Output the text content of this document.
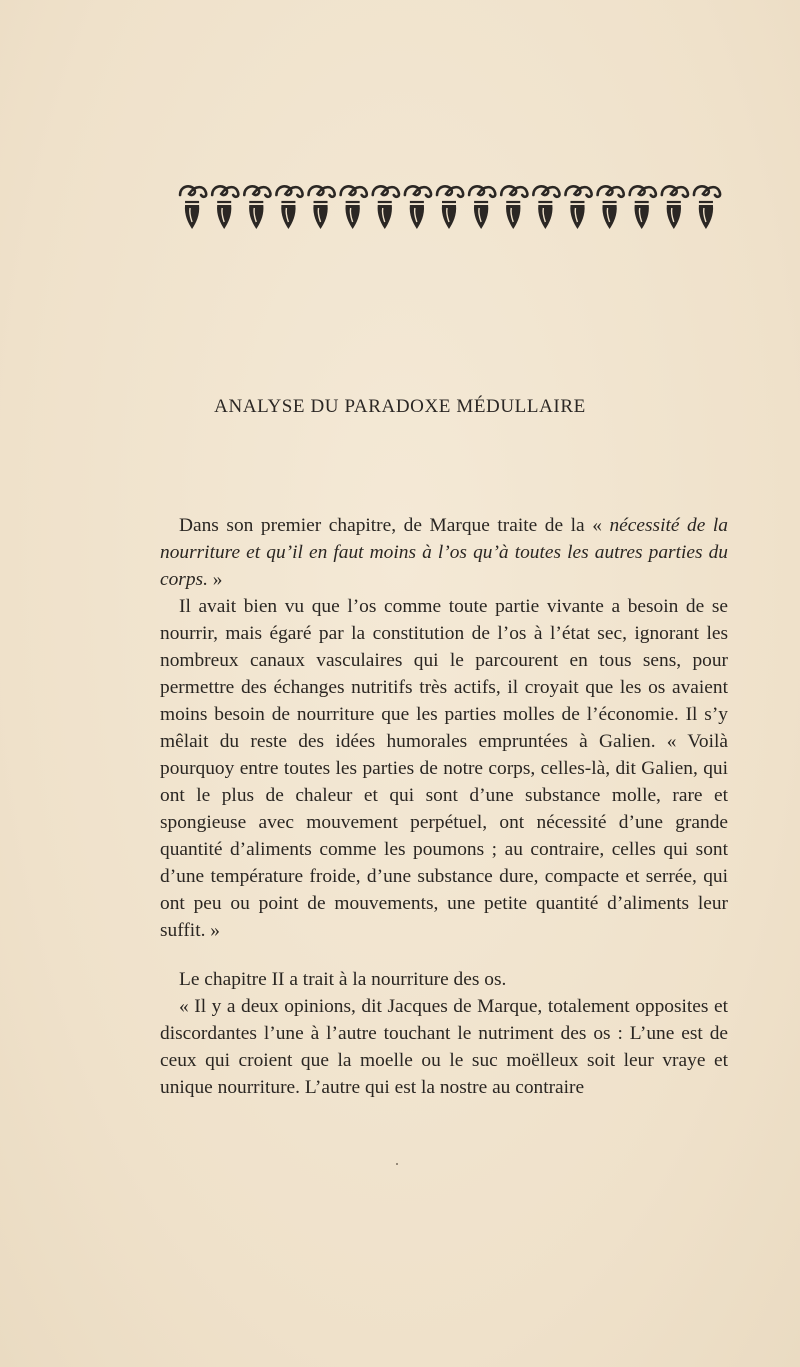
ANALYSE DU PARADOXE MÉDULLAIRE

Dans son premier chapitre, de Marque traite de la « nécessité de la nourriture et qu’il en faut moins à l’os qu’à toutes les autres parties du corps. »

Il avait bien vu que l’os comme toute partie vivante a besoin de se nourrir, mais égaré par la constitution de l’os à l’état sec, ignorant les nombreux canaux vasculaires qui le parcourent en tous sens, pour permettre des échanges nutritifs très actifs, il croyait que les os avaient moins besoin de nourriture que les parties molles de l’économie. Il s’y mêlait du reste des idées humorales empruntées à Galien. « Voilà pourquoy entre toutes les parties de notre corps, celles-là, dit Galien, qui ont le plus de chaleur et qui sont d’une substance molle, rare et spongieuse avec mouvement perpétuel, ont nécessité d’une grande quantité d’aliments comme les poumons ; au contraire, celles qui sont d’une température froide, d’une substance dure, compacte et serrée, qui ont peu ou point de mouvements, une petite quantité d’aliments leur suffit. »

Le chapitre II a trait à la nourriture des os.

« Il y a deux opinions, dit Jacques de Marque, totalement opposites et discordantes l’une à l’autre touchant le nutriment des os : L’une est de ceux qui croient que la moelle ou le suc moëlleux soit leur vraye et unique nourriture. L’autre qui est la nostre au contraire
